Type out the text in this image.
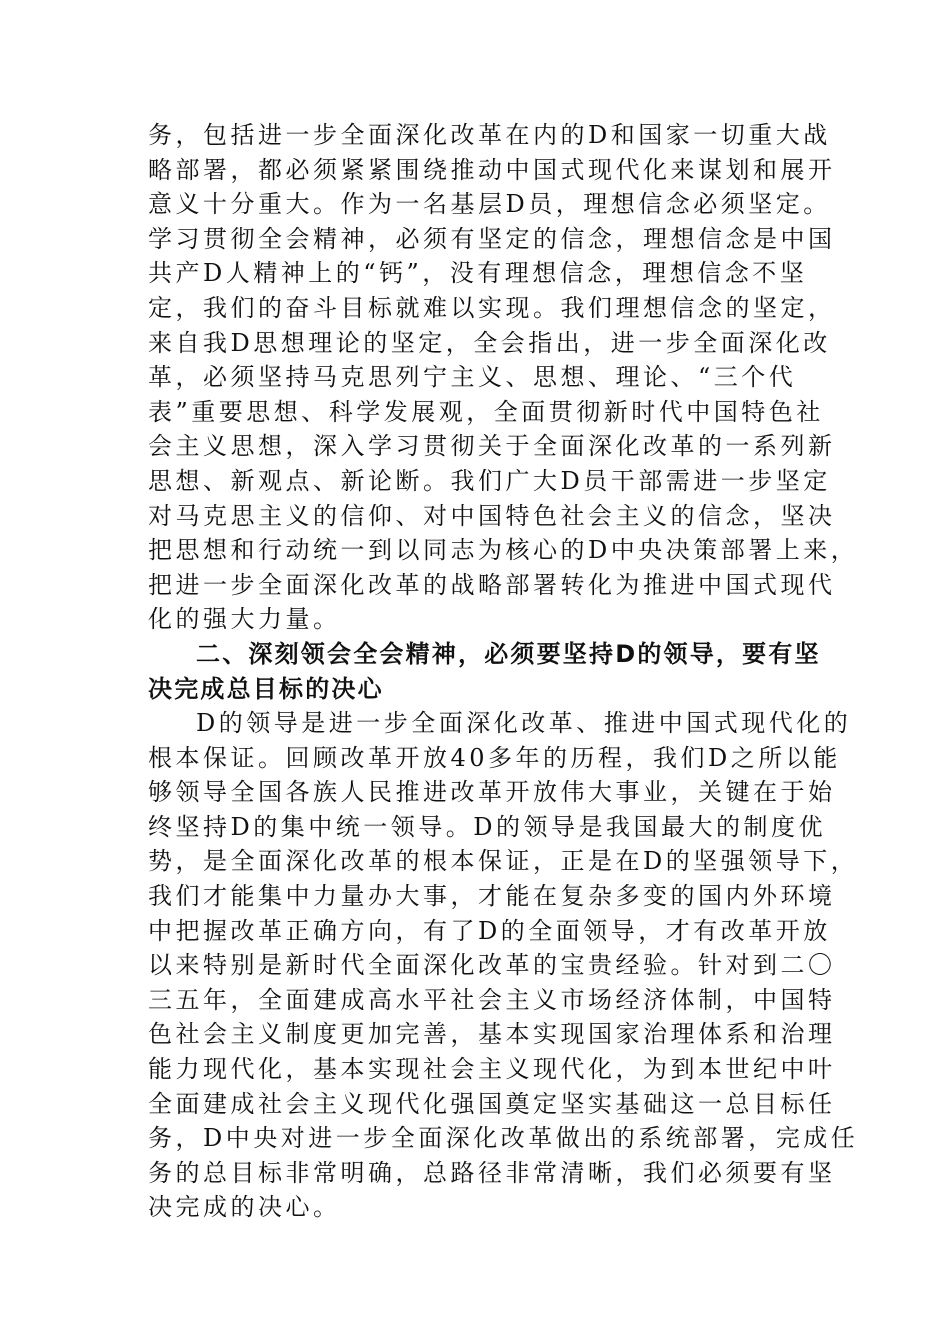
务，包括进一步全面深化改革在内的D和国家一切重大战
略部署，都必须紧紧围绕推动中国式现代化来谋划和展开
意义十分重大。作为一名基层D员，理想信念必须坚定。
学习贯彻全会精神，必须有坚定的信念，理想信念是中国
共产D人精神上的“钙”，没有理想信念，理想信念不坚
定，我们的奋斗目标就难以实现。我们理想信念的坚定，
来自我D思想理论的坚定，全会指出，进一步全面深化改
革，必须坚持马克思列宁主义、思想、理论、“三个代
表”重要思想、科学发展观，全面贯彻新时代中国特色社
会主义思想，深入学习贯彻关于全面深化改革的一系列新
思想、新观点、新论断。我们广大D员干部需进一步坚定
对马克思主义的信仰、对中国特色社会主义的信念，坚决
把思想和行动统一到以同志为核心的D中央决策部署上来，
把进一步全面深化改革的战略部署转化为推进中国式现代
化的强大力量。
二、深刻领会全会精神，必须要坚持D的领导，要有坚
决完成总目标的决心
D的领导是进一步全面深化改革、推进中国式现代化的
根本保证。回顾改革开放40多年的历程，我们D之所以能
够领导全国各族人民推进改革开放伟大事业，关键在于始
终坚持D的集中统一领导。D的领导是我国最大的制度优
势，是全面深化改革的根本保证，正是在D的坚强领导下，
我们才能集中力量办大事，才能在复杂多变的国内外环境
中把握改革正确方向，有了D的全面领导，才有改革开放
以来特别是新时代全面深化改革的宝贵经验。针对到二〇
三五年，全面建成高水平社会主义市场经济体制，中国特
色社会主义制度更加完善，基本实现国家治理体系和治理
能力现代化，基本实现社会主义现代化，为到本世纪中叶
全面建成社会主义现代化强国奠定坚实基础这一总目标任
务，D中央对进一步全面深化改革做出的系统部署，完成任
务的总目标非常明确，总路径非常清晰，我们必须要有坚
决完成的决心。
